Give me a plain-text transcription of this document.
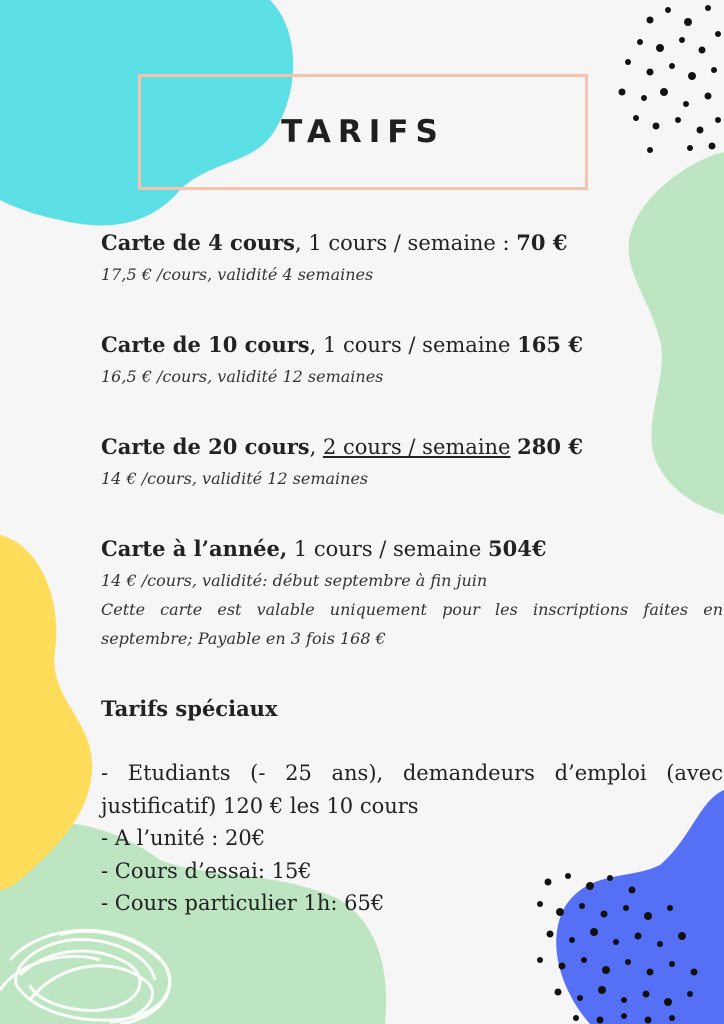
TARIFS
Carte de 4 cours, 1 cours / semaine : 70 €
17,5 € /cours, validité 4 semaines
Carte de 10 cours, 1 cours / semaine 165 €
16,5 € /cours, validité 12 semaines
Carte de 20 cours, 2 cours / semaine 280 €
14 € /cours, validité 12 semaines
Carte à l’année, 1 cours / semaine 504€
14 € /cours, validité: début septembre à fin juin
Cette carte est valable uniquement pour les inscriptions faites en septembre; Payable en 3 fois 168 €
Tarifs spéciaux
- Etudiants (- 25 ans), demandeurs d’emploi (avec justificatif) 120 € les 10 cours
- A l’unité : 20€
- Cours d’essai: 15€
- Cours particulier 1h: 65€
